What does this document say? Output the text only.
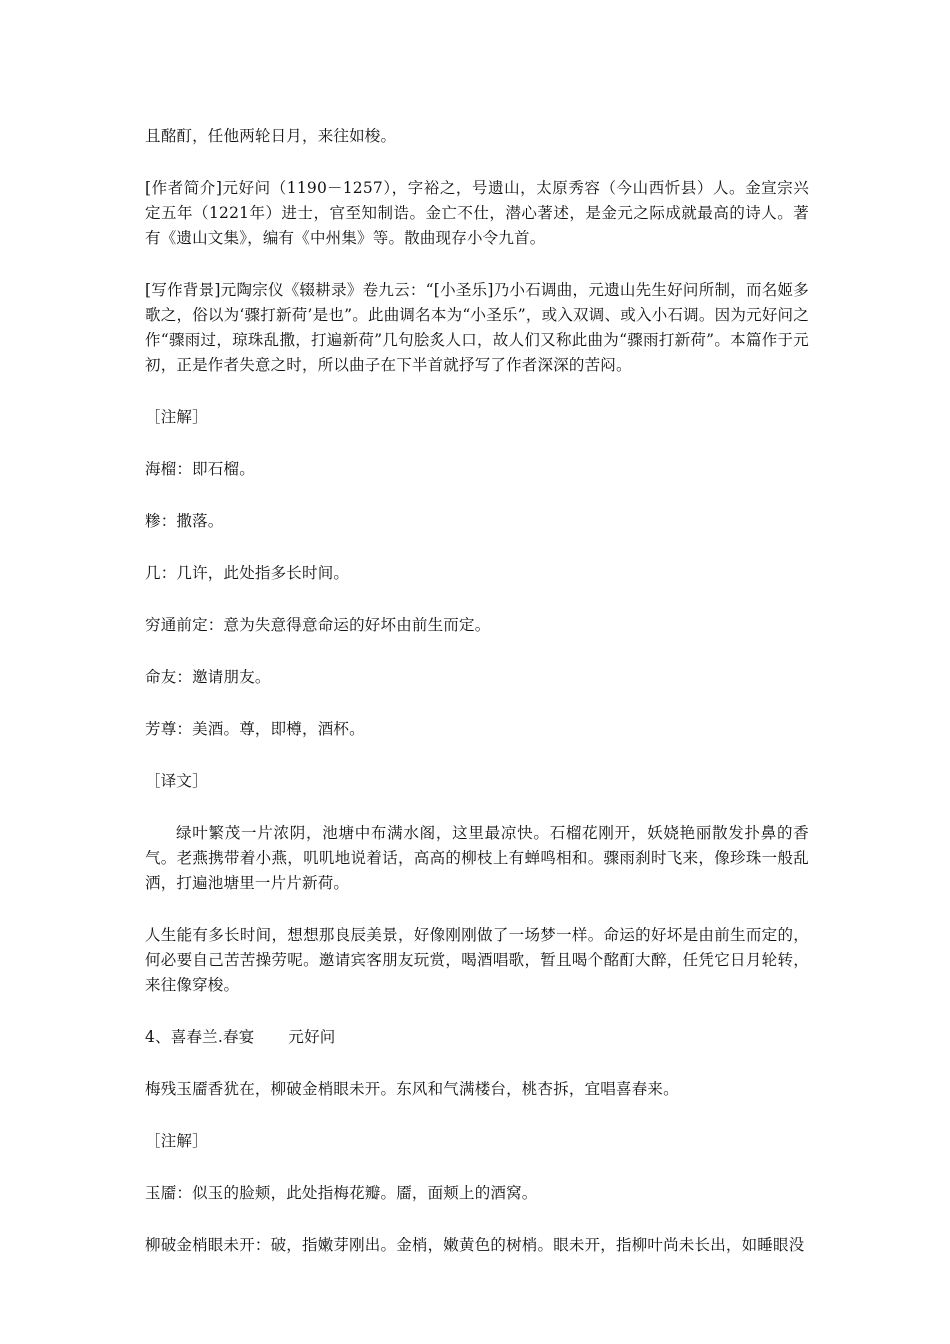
且酩酊，任他两轮日月，来往如梭。

[作者简介]元好问（1190－1257），字裕之，号遗山，太原秀容（今山西忻县）人。金宣宗兴定五年（1221年）进士，官至知制诰。金亡不仕，潜心著述，是金元之际成就最高的诗人。著有《遗山文集》，编有《中州集》等。散曲现存小令九首。

[写作背景]元陶宗仪《辍耕录》卷九云：“[小圣乐]乃小石调曲，元遗山先生好问所制，而名姬多歌之，俗以为‘骤打新荷’是也”。此曲调名本为“小圣乐”，或入双调、或入小石调。因为元好问之作“骤雨过，琼珠乱撒，打遍新荷”几句脍炙人口，故人们又称此曲为“骤雨打新荷”。本篇作于元初，正是作者失意之时，所以曲子在下半首就抒写了作者深深的苦闷。

［注解］

海榴：即石榴。

糁：撒落。

几：几许，此处指多长时间。

穷通前定：意为失意得意命运的好坏由前生而定。

命友：邀请朋友。

芳尊：美酒。尊，即樽，酒杯。

［译文］

绿叶繁茂一片浓阴，池塘中布满水阁，这里最凉快。石榴花刚开，妖娆艳丽散发扑鼻的香气。老燕携带着小燕，叽叽地说着话，高高的柳枝上有蝉鸣相和。骤雨刹时飞来，像珍珠一般乱洒，打遍池塘里一片片新荷。

人生能有多长时间，想想那良辰美景，好像刚刚做了一场梦一样。命运的好坏是由前生而定的，何必要自己苦苦操劳呢。邀请宾客朋友玩赏，喝酒唱歌，暂且喝个酩酊大醉，任凭它日月轮转，来往像穿梭。

4、喜春兰.春宴 元好问

梅残玉靥香犹在，柳破金梢眼未开。东风和气满楼台，桃杏拆，宜唱喜春来。

［注解］

玉靥：似玉的脸颊，此处指梅花瓣。靥，面颊上的酒窝。

柳破金梢眼未开：破，指嫩芽刚出。金梢，嫩黄色的树梢。眼未开，指柳叶尚未长出，如睡眼没
